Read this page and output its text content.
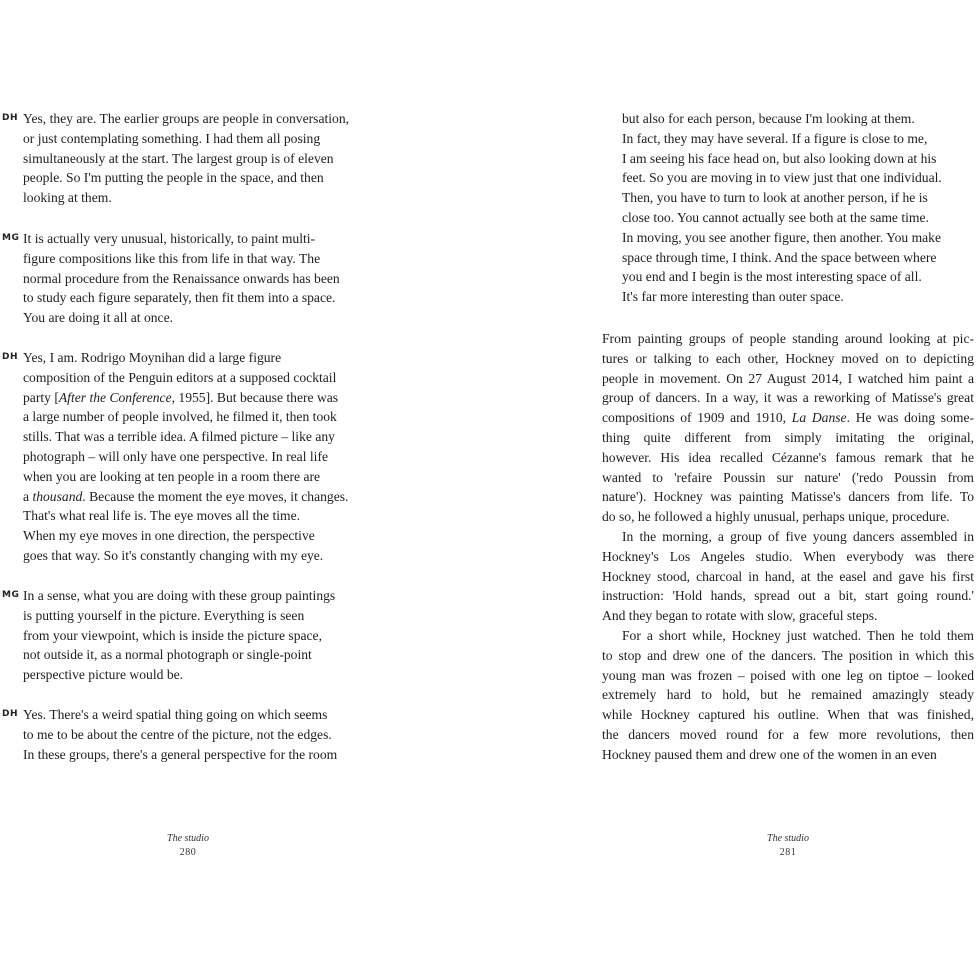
DH Yes, they are. The earlier groups are people in conversation,
or just contemplating something. I had them all posing
simultaneously at the start. The largest group is of eleven
people. So I'm putting the people in the space, and then
looking at them.
MG It is actually very unusual, historically, to paint multi-
figure compositions like this from life in that way. The
normal procedure from the Renaissance onwards has been
to study each figure separately, then fit them into a space.
You are doing it all at once.
DH Yes, I am. Rodrigo Moynihan did a large figure
composition of the Penguin editors at a supposed cocktail
party [After the Conference, 1955]. But because there was
a large number of people involved, he filmed it, then took
stills. That was a terrible idea. A filmed picture – like any
photograph – will only have one perspective. In real life
when you are looking at ten people in a room there are
a thousand. Because the moment the eye moves, it changes.
That's what real life is. The eye moves all the time.
When my eye moves in one direction, the perspective
goes that way. So it's constantly changing with my eye.
MG In a sense, what you are doing with these group paintings
is putting yourself in the picture. Everything is seen
from your viewpoint, which is inside the picture space,
not outside it, as a normal photograph or single-point
perspective picture would be.
DH Yes. There's a weird spatial thing going on which seems
to me to be about the centre of the picture, not the edges.
In these groups, there's a general perspective for the room
The studio
280
but also for each person, because I'm looking at them.
In fact, they may have several. If a figure is close to me,
I am seeing his face head on, but also looking down at his
feet. So you are moving in to view just that one individual.
Then, you have to turn to look at another person, if he is
close too. You cannot actually see both at the same time.
In moving, you see another figure, then another. You make
space through time, I think. And the space between where
you end and I begin is the most interesting space of all.
It's far more interesting than outer space.
From painting groups of people standing around looking at pic-
tures or talking to each other, Hockney moved on to depicting
people in movement. On 27 August 2014, I watched him paint a
group of dancers. In a way, it was a reworking of Matisse's great
compositions of 1909 and 1910, La Danse. He was doing some-
thing quite different from simply imitating the original,
however. His idea recalled Cézanne's famous remark that he
wanted to 'refaire Poussin sur nature' ('redo Poussin from
nature'). Hockney was painting Matisse's dancers from life. To
do so, he followed a highly unusual, perhaps unique, procedure.
In the morning, a group of five young dancers assembled in
Hockney's Los Angeles studio. When everybody was there
Hockney stood, charcoal in hand, at the easel and gave his first
instruction: 'Hold hands, spread out a bit, start going round.'
And they began to rotate with slow, graceful steps.
For a short while, Hockney just watched. Then he told them
to stop and drew one of the dancers. The position in which this
young man was frozen – poised with one leg on tiptoe – looked
extremely hard to hold, but he remained amazingly steady
while Hockney captured his outline. When that was finished,
the dancers moved round for a few more revolutions, then
Hockney paused them and drew one of the women in an even
The studio
281
